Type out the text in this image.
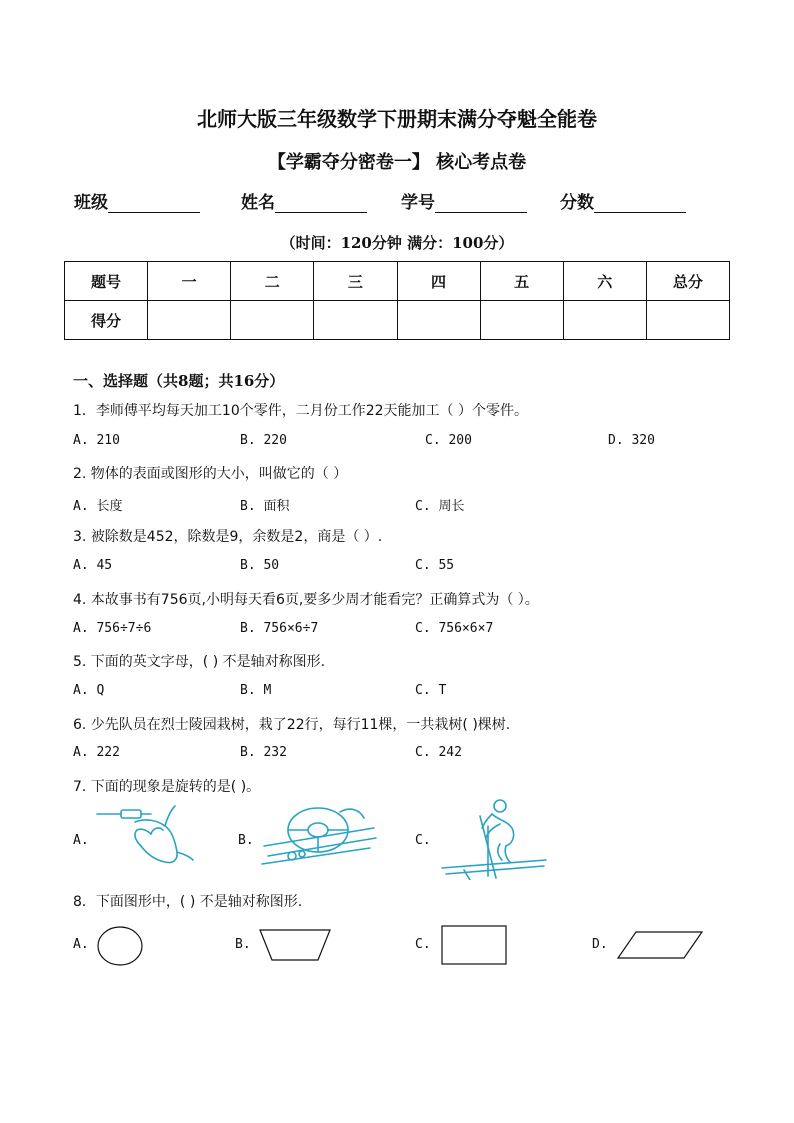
北师大版三年级数学下册期末满分夺魁全能卷
【学霸夺分密卷一】 核心考点卷
班级	姓名	学号	分数
（时间：120分钟 满分：100分）
题号	一	二	三	四	五	六	总分
得分							
一、选择题（共8题；共16分）
1．李师傅平均每天加工10个零件，二月份工作22天能加工（ ）个零件。
A. 210	B. 220	C. 200	D. 320
2. 物体的表面或图形的大小，叫做它的（ ）
A. 长度	B. 面积	C. 周长
3. 被除数是452，除数是9，余数是2，商是（ ）.
A. 45	B. 50	C. 55
4. 本故事书有756页,小明每天看6页,要多少周才能看完？正确算式为（ ）。
A. 756÷7÷6	B. 756×6÷7	C. 756×6×7
5. 下面的英文字母，( ) 不是轴对称图形.
A. Q	B. M	C. T
6. 少先队员在烈士陵园栽树，栽了22行，每行11棵，一共栽树( )棵树.
A. 222	B. 232	C. 242
7. 下面的现象是旋转的是( )。
A.	B.	C.
8．下面图形中，( ) 不是轴对称图形.
A.	B.	C.	D.
